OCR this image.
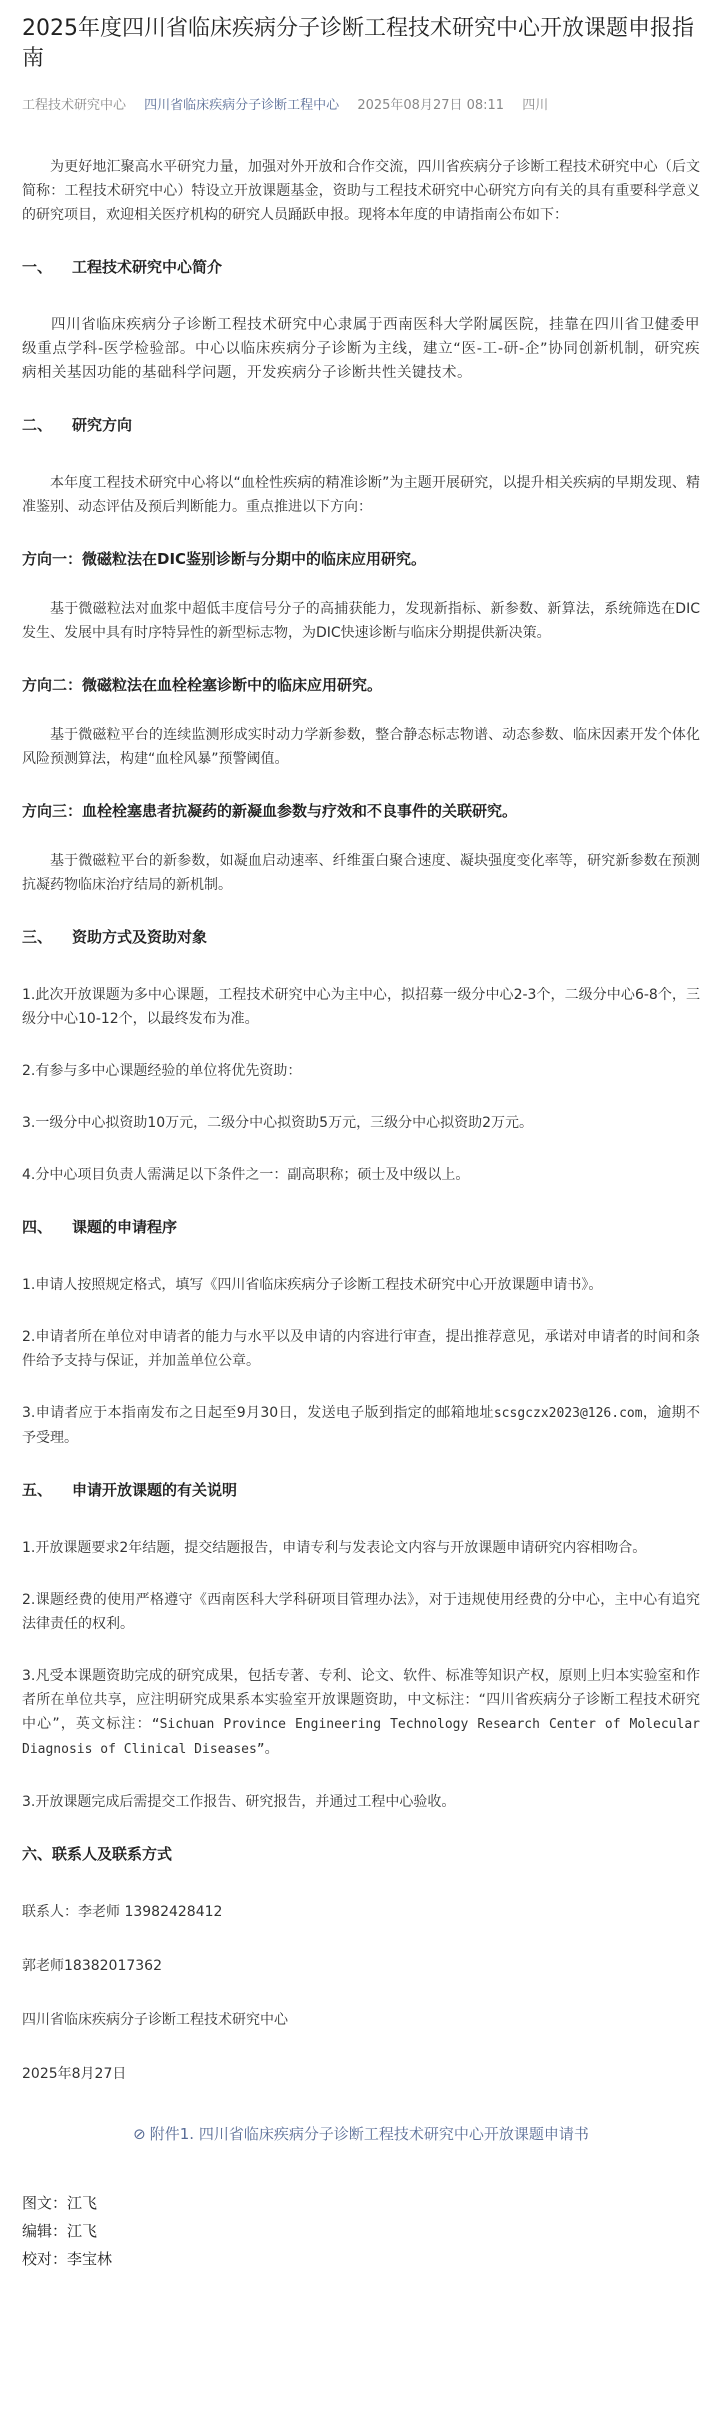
2025年度四川省临床疾病分子诊断工程技术研究中心开放课题申报指南
工程技术研究中心 四川省临床疾病分子诊断工程中心 2025年08月27日 08:11 四川

为更好地汇聚高水平研究力量，加强对外开放和合作交流，四川省疾病分子诊断工程技术研究中心（后文简称：工程技术研究中心）特设立开放课题基金，资助与工程技术研究中心研究方向有关的具有重要科学意义的研究项目，欢迎相关医疗机构的研究人员踊跃申报。现将本年度的申请指南公布如下：

一、 工程技术研究中心简介

四川省临床疾病分子诊断工程技术研究中心隶属于西南医科大学附属医院，挂靠在四川省卫健委甲级重点学科-医学检验部。中心以临床疾病分子诊断为主线，建立“医-工-研-企”协同创新机制，研究疾病相关基因功能的基础科学问题，开发疾病分子诊断共性关键技术。

二、 研究方向

本年度工程技术研究中心将以“血栓性疾病的精准诊断”为主题开展研究，以提升相关疾病的早期发现、精准鉴别、动态评估及预后判断能力。重点推进以下方向：

方向一：微磁粒法在DIC鉴别诊断与分期中的临床应用研究。

基于微磁粒法对血浆中超低丰度信号分子的高捕获能力，发现新指标、新参数、新算法，系统筛选在DIC发生、发展中具有时序特异性的新型标志物，为DIC快速诊断与临床分期提供新决策。

方向二：微磁粒法在血栓栓塞诊断中的临床应用研究。

基于微磁粒平台的连续监测形成实时动力学新参数，整合静态标志物谱、动态参数、临床因素开发个体化风险预测算法，构建“血栓风暴”预警阈值。

方向三：血栓栓塞患者抗凝药的新凝血参数与疗效和不良事件的关联研究。

基于微磁粒平台的新参数，如凝血启动速率、纤维蛋白聚合速度、凝块强度变化率等，研究新参数在预测抗凝药物临床治疗结局的新机制。

三、 资助方式及资助对象

1.此次开放课题为多中心课题，工程技术研究中心为主中心，拟招募一级分中心2-3个，二级分中心6-8个，三级分中心10-12个，以最终发布为准。

2.有参与多中心课题经验的单位将优先资助：

3.一级分中心拟资助10万元，二级分中心拟资助5万元，三级分中心拟资助2万元。

4.分中心项目负责人需满足以下条件之一：副高职称；硕士及中级以上。

四、 课题的申请程序

1.申请人按照规定格式，填写《四川省临床疾病分子诊断工程技术研究中心开放课题申请书》。

2.申请者所在单位对申请者的能力与水平以及申请的内容进行审查，提出推荐意见，承诺对申请者的时间和条件给予支持与保证，并加盖单位公章。

3.申请者应于本指南发布之日起至9月30日，发送电子版到指定的邮箱地址scsgczx2023@126.com，逾期不予受理。

五、 申请开放课题的有关说明

1.开放课题要求2年结题，提交结题报告，申请专利与发表论文内容与开放课题申请研究内容相吻合。

2.课题经费的使用严格遵守《西南医科大学科研项目管理办法》，对于违规使用经费的分中心，主中心有追究法律责任的权利。

3.凡受本课题资助完成的研究成果，包括专著、专利、论文、软件、标准等知识产权，原则上归本实验室和作者所在单位共享，应注明研究成果系本实验室开放课题资助，中文标注：“四川省疾病分子诊断工程技术研究中心”，英文标注：“Sichuan Province Engineering Technology Research Center of Molecular Diagnosis of Clinical Diseases”。

3.开放课题完成后需提交工作报告、研究报告，并通过工程中心验收。

六、联系人及联系方式

联系人：李老师 13982428412

郭老师18382017362

四川省临床疾病分子诊断工程技术研究中心

2025年8月27日

⊘ 附件1. 四川省临床疾病分子诊断工程技术研究中心开放课题申请书
图文：江飞
编辑：江飞
校对：李宝林
